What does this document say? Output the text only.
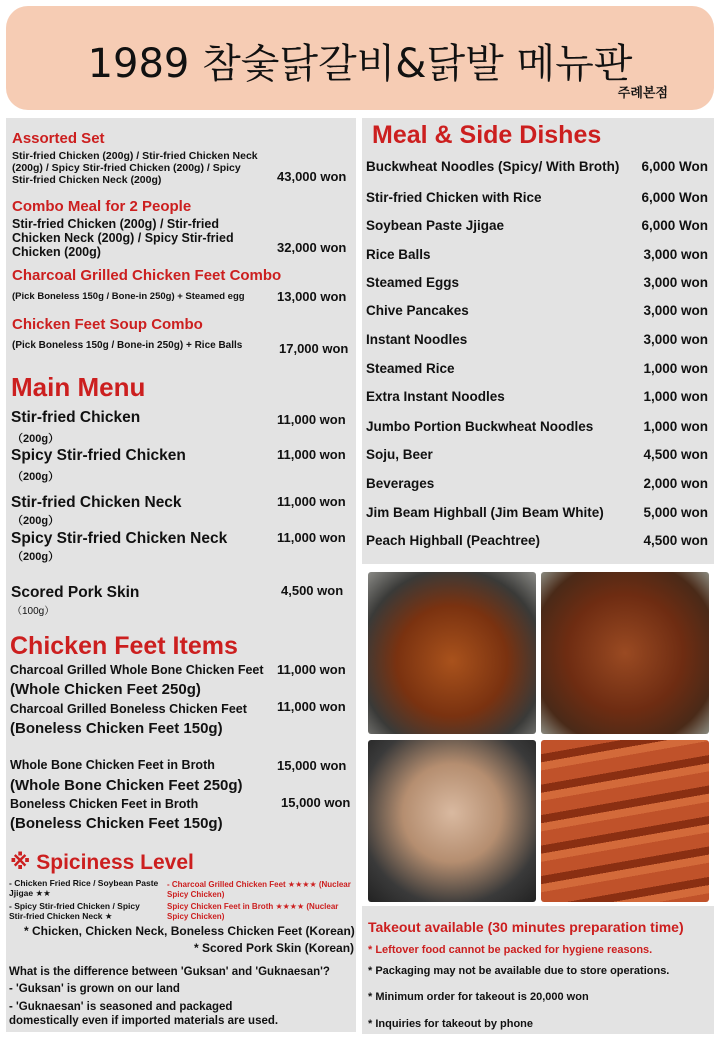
1989 참숯닭갈비&닭발 메뉴판
주례본점
Assorted Set
Stir-fried Chicken (200g) / Stir-fried Chicken Neck
(200g) / Spicy Stir-fried Chicken (200g) / Spicy
Stir-fried Chicken Neck (200g)	43,000 won
Combo Meal for 2 People
Stir-fried Chicken (200g) / Stir-fried
Chicken Neck (200g) / Spicy Stir-fried
Chicken (200g)	32,000 won
Charcoal Grilled Chicken Feet Combo
(Pick Boneless 150g / Bone-in 250g) + Steamed egg 13,000 won
Chicken Feet Soup Combo
(Pick Boneless 150g / Bone-in 250g) + Rice Balls	17,000 won
Main Menu
Stir-fried Chicken
（200g）
11,000 won
Spicy Stir-fried Chicken
（200g）
11,000 won
Stir-fried Chicken Neck
（200g）
11,000 won
Spicy Stir-fried Chicken Neck
（200g）
11,000 won
Scored Pork Skin
（100g）
4,500 won
Chicken Feet Items
Charcoal Grilled Whole Bone Chicken Feet
(Whole Chicken Feet 250g)
11,000 won
Charcoal Grilled Boneless Chicken Feet
(Boneless Chicken Feet 150g)
11,000 won
Whole Bone Chicken Feet in Broth
(Whole Bone Chicken Feet 250g)
15,000 won
Boneless Chicken Feet in Broth
(Boneless Chicken Feet 150g)
15,000 won
※ Spiciness Level
- Chicken Fried Rice / Soybean Paste Jjigae ★★
- Spicy Stir-fried Chicken / Spicy Stir-fried Chicken Neck ★
- Charcoal Grilled Chicken Feet ★★★★ (Nuclear Spicy Chicken)
Spicy Chicken Feet in Broth ★★★★ (Nuclear Spicy Chicken)
* Chicken, Chicken Neck, Boneless Chicken Feet (Korean)
* Scored Pork Skin (Korean)
What is the difference between 'Guksan' and 'Guknaesan'?
- 'Guksan' is grown on our land
- 'Guknaesan' is seasoned and packaged
domestically even if imported materials are used.
Meal & Side Dishes
Buckwheat Noodles (Spicy/ With Broth) 6,000 Won
Stir-fried Chicken with Rice	6,000 Won
Soybean Paste Jjigae	6,000 Won
Rice Balls	3,000 won
Steamed Eggs	3,000 won
Chive Pancakes	3,000 won
Instant Noodles	3,000 won
Steamed Rice	1,000 won
Extra Instant Noodles	1,000 won
Jumbo Portion Buckwheat Noodles	1,000 won
Soju, Beer	4,500 won
Beverages	2,000 won
Jim Beam Highball (Jim Beam White)	5,000 won
Peach Highball (Peachtree)	4,500 won
Takeout available (30 minutes preparation time)
* Leftover food cannot be packed for hygiene reasons.
* Packaging may not be available due to store operations.
* Minimum order for takeout is 20,000 won
* Inquiries for takeout by phone
